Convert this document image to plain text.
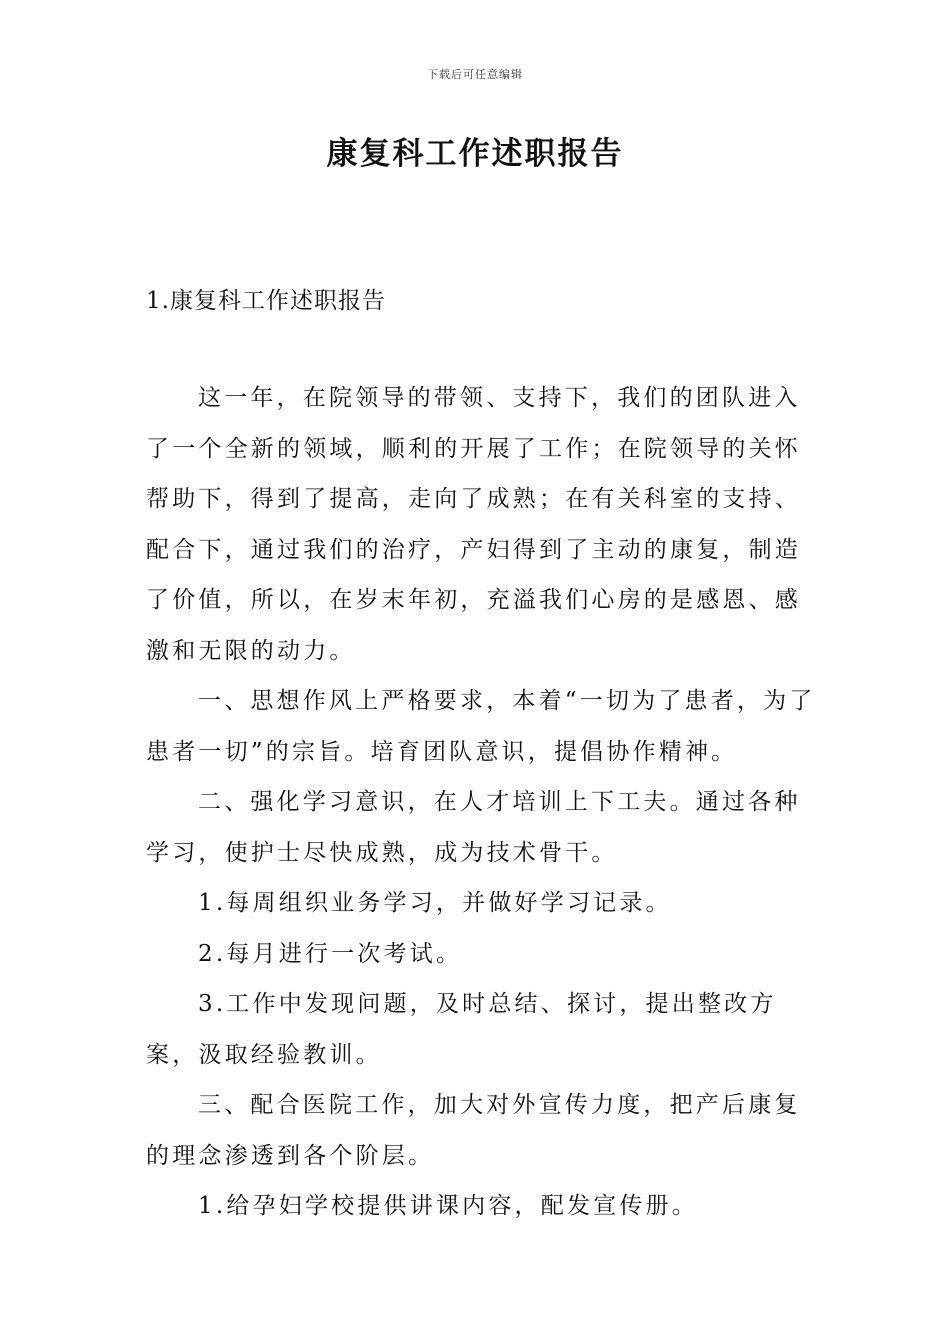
下载后可任意编辑
康复科工作述职报告
1.康复科工作述职报告

这一年，在院领导的带领、支持下，我们的团队进入了一个全新的领域，顺利的开展了工作；在院领导的关怀帮助下，得到了提高，走向了成熟；在有关科室的支持、配合下，通过我们的治疗，产妇得到了主动的康复，制造了价值，所以，在岁末年初，充溢我们心房的是感恩、感激和无限的动力。

一、思想作风上严格要求，本着“一切为了患者，为了患者一切”的宗旨。培育团队意识，提倡协作精神。

二、强化学习意识，在人才培训上下工夫。通过各种学习，使护士尽快成熟，成为技术骨干。

1.每周组织业务学习，并做好学习记录。

2.每月进行一次考试。

3.工作中发现问题，及时总结、探讨，提出整改方案，汲取经验教训。

三、配合医院工作，加大对外宣传力度，把产后康复的理念渗透到各个阶层。

1.给孕妇学校提供讲课内容，配发宣传册。
